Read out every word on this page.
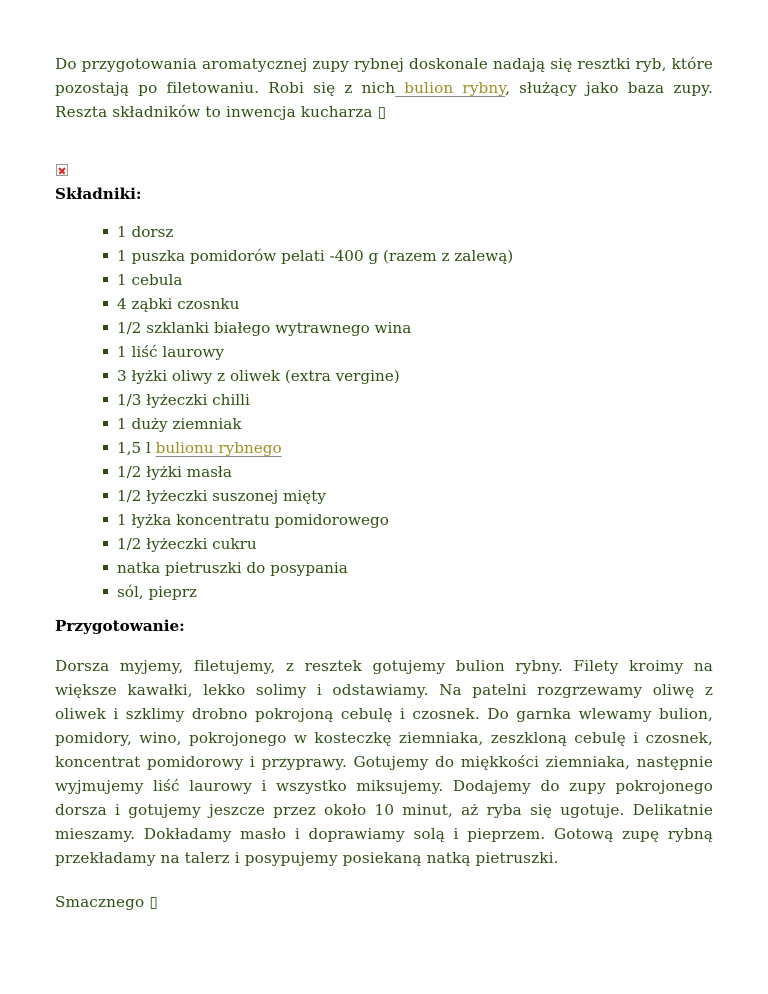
Do przygotowania aromatycznej zupy rybnej doskonale nadają się resztki ryb, które pozostają po filetowaniu. Robi się z nich bulion rybny, służący jako baza zupy. Reszta składników to inwencja kucharza ▯

Składniki:
1 dorsz
1 puszka pomidorów pelati -400 g (razem z zalewą)
1 cebula
4 ząbki czosnku
1/2 szklanki białego wytrawnego wina
1 liść laurowy
3 łyżki oliwy z oliwek (extra vergine)
1/3 łyżeczki chilli
1 duży ziemniak
1,5 l bulionu rybnego
1/2 łyżki masła
1/2 łyżeczki suszonej mięty
1 łyżka koncentratu pomidorowego
1/2 łyżeczki cukru
natka pietruszki do posypania
sól, pieprz
Przygotowanie:

Dorsza myjemy, filetujemy, z resztek gotujemy bulion rybny. Filety kroimy na większe kawałki, lekko solimy i odstawiamy. Na patelni rozgrzewamy oliwę z oliwek i szklimy drobno pokrojoną cebulę i czosnek. Do garnka wlewamy bulion, pomidory, wino, pokrojonego w kosteczkę ziemniaka, zeszkloną cebulę i czosnek, koncentrat pomidorowy i przyprawy. Gotujemy do miękkości ziemniaka, następnie wyjmujemy liść laurowy i wszystko miksujemy. Dodajemy do zupy pokrojonego dorsza i gotujemy jeszcze przez około 10 minut, aż ryba się ugotuje. Delikatnie mieszamy. Dokładamy masło i doprawiamy solą i pieprzem. Gotową zupę rybną przekładamy na talerz i posypujemy posiekaną natką pietruszki.

Smacznego ▯
